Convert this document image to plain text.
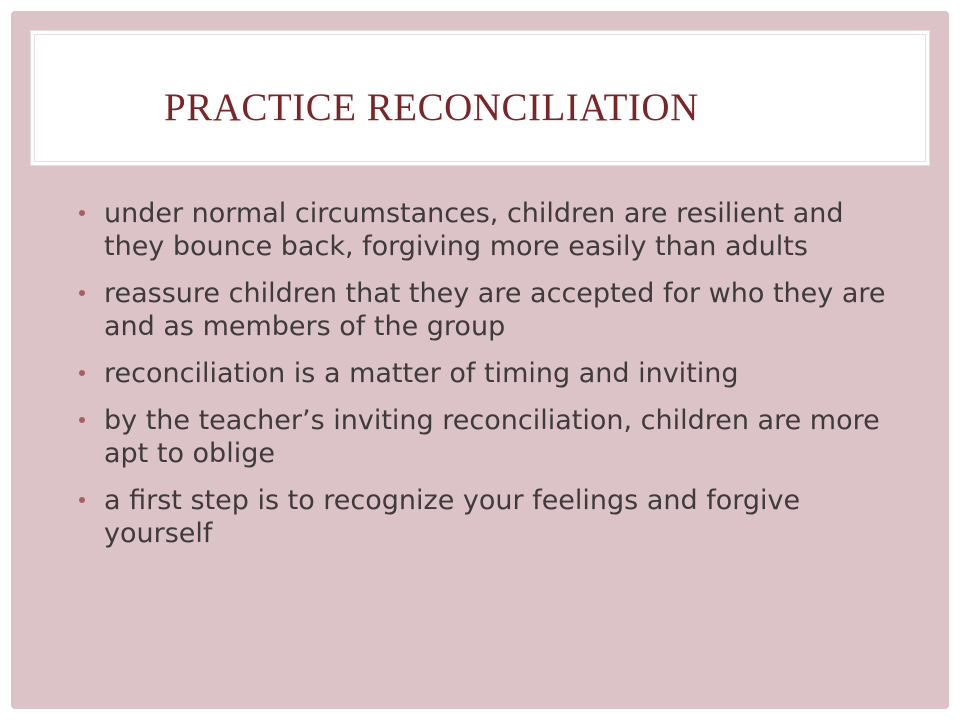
PRACTICE RECONCILIATION
under normal circumstances, children are resilient and they bounce back, forgiving more easily than adults
reassure children that they are accepted for who they are and as members of the group
reconciliation is a matter of timing and inviting
by the teacher’s inviting reconciliation, children are more apt to oblige
a first step is to recognize your feelings and forgive yourself
